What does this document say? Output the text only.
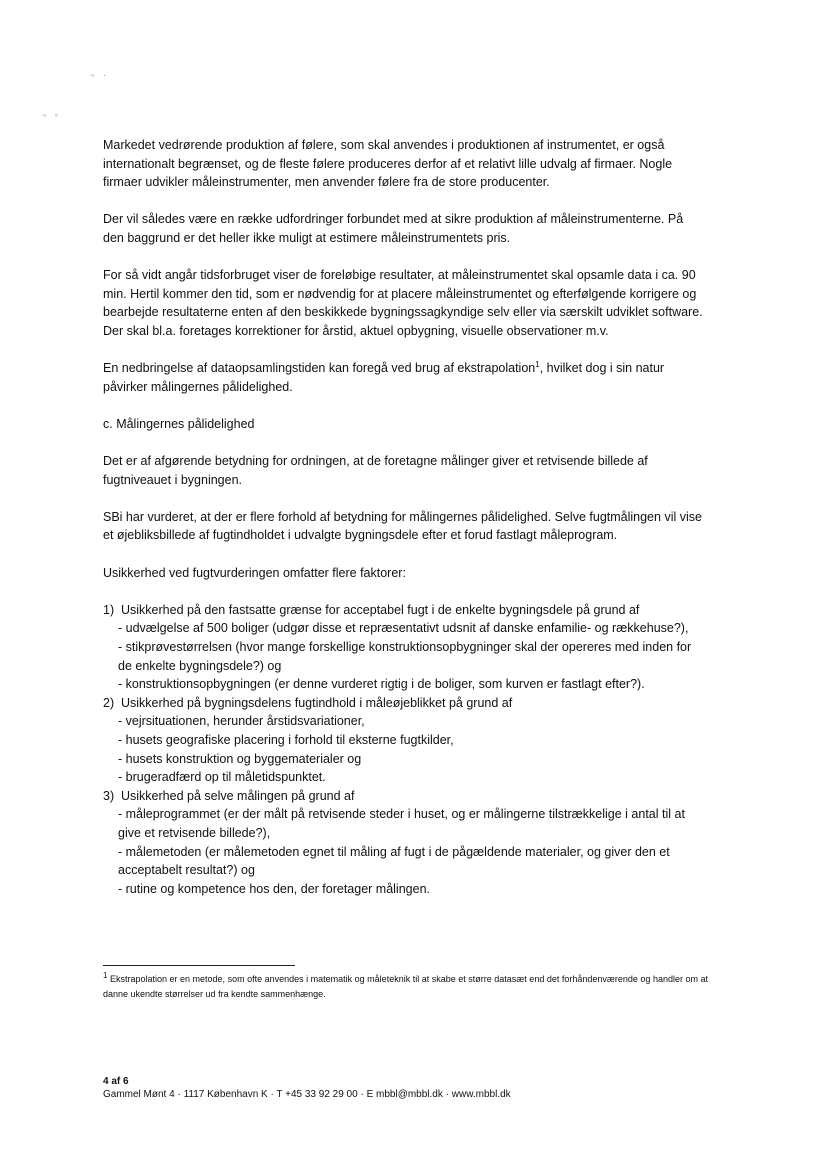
◦ ·
◦ ◦

Markedet vedrørende produktion af følere, som skal anvendes i produktionen af instrumentet, er også internationalt begrænset, og de fleste følere produceres derfor af et relativt lille udvalg af firmaer. Nogle firmaer udvikler måleinstrumenter, men anvender følere fra de store producenter.

Der vil således være en række udfordringer forbundet med at sikre produktion af måleinstrumenterne. På den baggrund er det heller ikke muligt at estimere måleinstrumentets pris.

For så vidt angår tidsforbruget viser de foreløbige resultater, at måleinstrumentet skal opsamle data i ca. 90 min. Hertil kommer den tid, som er nødvendig for at placere måleinstrumentet og efterfølgende korrigere og bearbejde resultaterne enten af den beskikkede bygningssagkyndige selv eller via særskilt udviklet software. Der skal bl.a. foretages korrektioner for årstid, aktuel opbygning, visuelle observationer m.v.

En nedbringelse af dataopsamlingstiden kan foregå ved brug af ekstrapolation$^1$, hvilket dog i sin natur påvirker målingernes pålidelighed.

c. Målingernes pålidelighed

Det er af afgørende betydning for ordningen, at de foretagne målinger giver et retvisende billede af fugtniveauet i bygningen.

SBi har vurderet, at der er flere forhold af betydning for målingernes pålidelighed. Selve fugtmålingen vil vise et øjebliksbillede af fugtindholdet i udvalgte bygningsdele efter et forud fastlagt måleprogram.

Usikkerhed ved fugtvurderingen omfatter flere faktorer:

1) Usikkerhed på den fastsatte grænse for acceptabel fugt i de enkelte bygningsdele på grund af
- udvælgelse af 500 boliger (udgør disse et repræsentativt udsnit af danske enfamilie- og rækkehuse?),
- stikprøvestørrelsen (hvor mange forskellige konstruktionsopbygninger skal der opereres med inden for de enkelte bygningsdele?) og
- konstruktionsopbygningen (er denne vurderet rigtig i de boliger, som kurven er fastlagt efter?).
2) Usikkerhed på bygningsdelens fugtindhold i måleøjeblikket på grund af
- vejrsituationen, herunder årstidsvariationer,
- husets geografiske placering i forhold til eksterne fugtkilder,
- husets konstruktion og byggematerialer og
- brugeradfærd op til måletidspunktet.
3) Usikkerhed på selve målingen på grund af
- måleprogrammet (er der målt på retvisende steder i huset, og er målingerne tilstrækkelige i antal til at give et retvisende billede?),
- målemetoden (er målemetoden egnet til måling af fugt i de pågældende materialer, og giver den et acceptabelt resultat?) og
- rutine og kompetence hos den, der foretager målingen.
$^1$ Ekstrapolation er en metode, som ofte anvendes i matematik og måleteknik til at skabe et større datasæt end det forhåndenværende og handler om at danne ukendte størrelser ud fra kendte sammenhænge.
4 af 6
Gammel Mønt 4 · 1117 København K · T +45 33 92 29 00 · E mbbl@mbbl.dk · www.mbbl.dk
